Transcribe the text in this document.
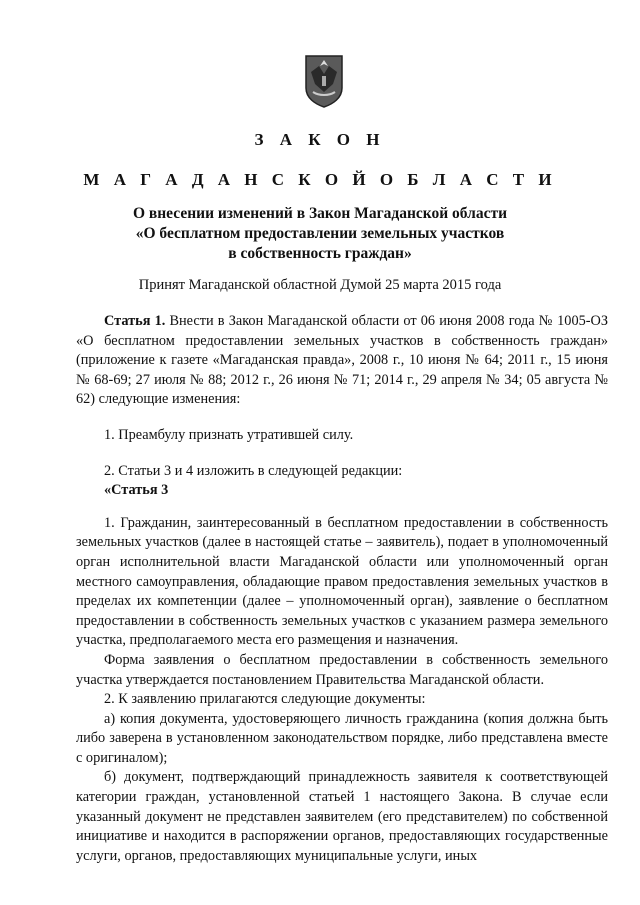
З А К О Н
М А Г А Д А Н С К О Й О Б Л А С Т И
О внесении изменений в Закон Магаданской области
«О бесплатном предоставлении земельных участков
в собственность граждан»
Принят Магаданской областной Думой 25 марта 2015 года

Статья 1. Внести в Закон Магаданской области от 06 июня 2008 года № 1005-ОЗ «О бесплатном предоставлении земельных участков в собственность граждан» (приложение к газете «Магаданская правда», 2008 г., 10 июня № 64; 2011 г., 15 июня № 68-69; 27 июля № 88; 2012 г., 26 июня № 71; 2014 г., 29 апреля № 34; 05 августа № 62) следующие изменения:

1. Преамбулу признать утратившей силу.

2. Статьи 3 и 4 изложить в следующей редакции:

«Статья 3

1. Гражданин, заинтересованный в бесплатном предоставлении в собственность земельных участков (далее в настоящей статье – заявитель), подает в уполномоченный орган исполнительной власти Магаданской области или уполномоченный орган местного самоуправления, обладающие правом предоставления земельных участков в пределах их компетенции (далее – уполномоченный орган), заявление о бесплатном предоставлении в собственность земельных участков с указанием размера земельного участка, предполагаемого места его размещения и назначения.

Форма заявления о бесплатном предоставлении в собственность земельного участка утверждается постановлением Правительства Магаданской области.

2. К заявлению прилагаются следующие документы:

а) копия документа, удостоверяющего личность гражданина (копия должна быть либо заверена в установленном законодательством порядке, либо представлена вместе с оригиналом);

б) документ, подтверждающий принадлежность заявителя к соответствующей категории граждан, установленной статьей 1 настоящего Закона. В случае если указанный документ не представлен заявителем (его представителем) по собственной инициативе и находится в распоряжении органов, предоставляющих государственные услуги, органов, предоставляющих муниципальные услуги, иных
